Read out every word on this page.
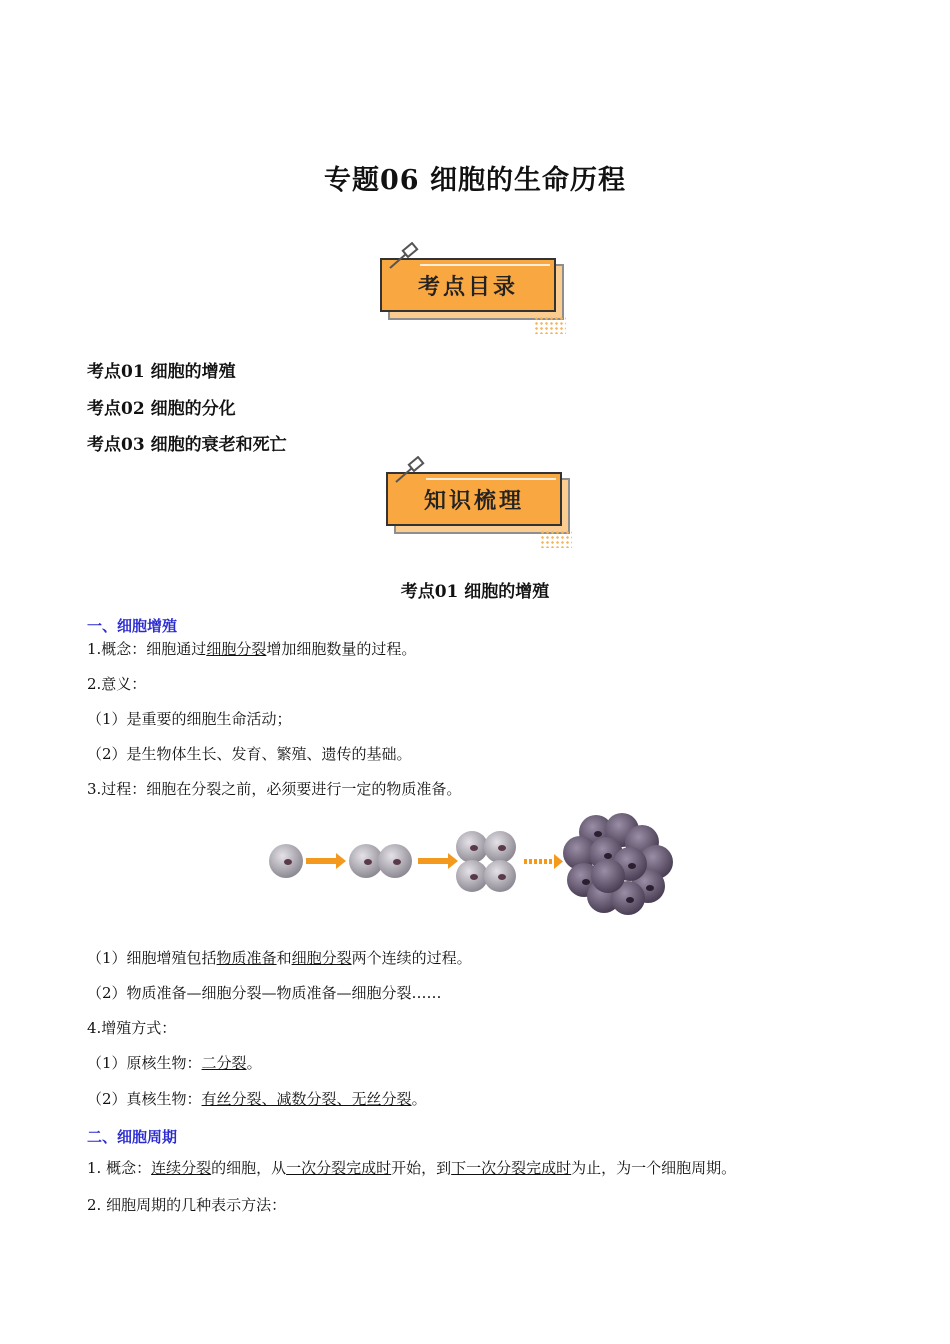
专题06 细胞的生命历程
考点目录
考点01 细胞的增殖
考点02 细胞的分化
考点03 细胞的衰老和死亡
知识梳理
考点01 细胞的增殖
一、细胞增殖
1.概念：细胞通过细胞分裂增加细胞数量的过程。
2.意义：
（1）是重要的细胞生命活动；
（2）是生物体生长、发育、繁殖、遗传的基础。
3.过程：细胞在分裂之前，必须要进行一定的物质准备。
（1）细胞增殖包括物质准备和细胞分裂两个连续的过程。
（2）物质准备—细胞分裂—物质准备—细胞分裂……
4.增殖方式：
（1）原核生物：二分裂。
（2）真核生物：有丝分裂、减数分裂、无丝分裂。
二、细胞周期
1. 概念：连续分裂的细胞，从一次分裂完成时开始，到下一次分裂完成时为止，为一个细胞周期。
2. 细胞周期的几种表示方法：
